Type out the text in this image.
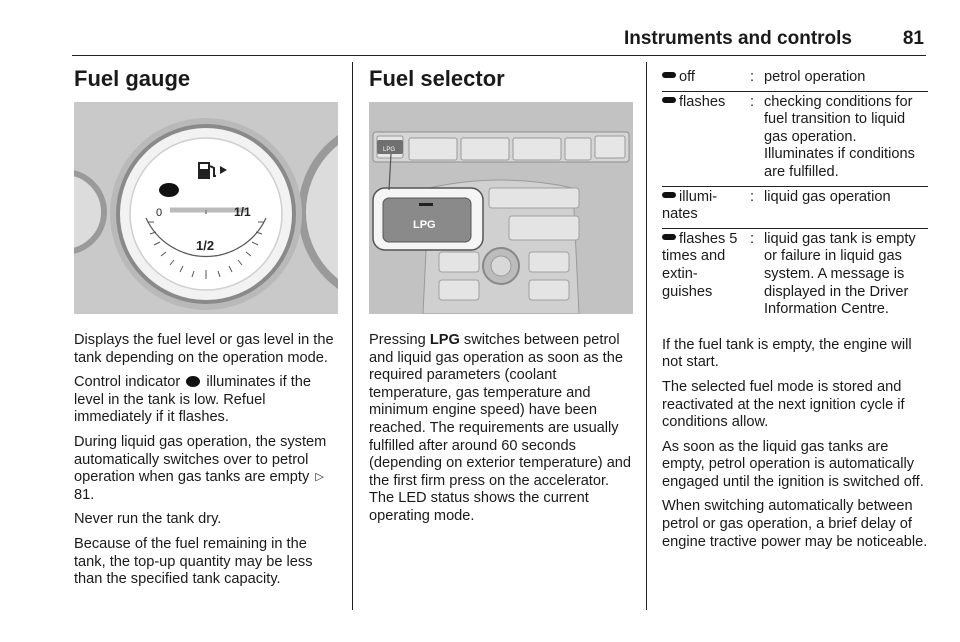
Instruments and controls	81
Fuel gauge
0	1/1
1/2

Displays the fuel level or gas level in the tank depending on the operation mode.

Control indicator illuminates if the level in the tank is low. Refuel immediately if it flashes.

During liquid gas operation, the system automatically switches over to petrol operation when gas tanks are empty ▷81.

Never run the tank dry.

Because of the fuel remaining in the tank, the top-up quantity may be less than the specified tank capacity.

Fuel selector
LPG
LPG

Pressing LPG switches between petrol and liquid gas operation as soon as the required parameters (coolant temperature, gas temperature and minimum engine speed) have been reached. The requirements are usually fulfilled after around 60 seconds (depending on exterior temperature) and the first firm press on the accelerator. The LED status shows the current operating mode.

off	:	petrol operation
flashes	:	checking conditions for fuel transition to liquid gas operation. Illuminates if conditions are fulfilled.
illumi- nates	:	liquid gas operation
flashes 5 times and extin- guishes	:	liquid gas tank is empty or failure in liquid gas system. A message is displayed in the Driver Information Centre.

If the fuel tank is empty, the engine will not start.

The selected fuel mode is stored and reactivated at the next ignition cycle if conditions allow.

As soon as the liquid gas tanks are empty, petrol operation is automatically engaged until the ignition is switched off.

When switching automatically between petrol or gas operation, a brief delay of engine tractive power may be noticeable.
